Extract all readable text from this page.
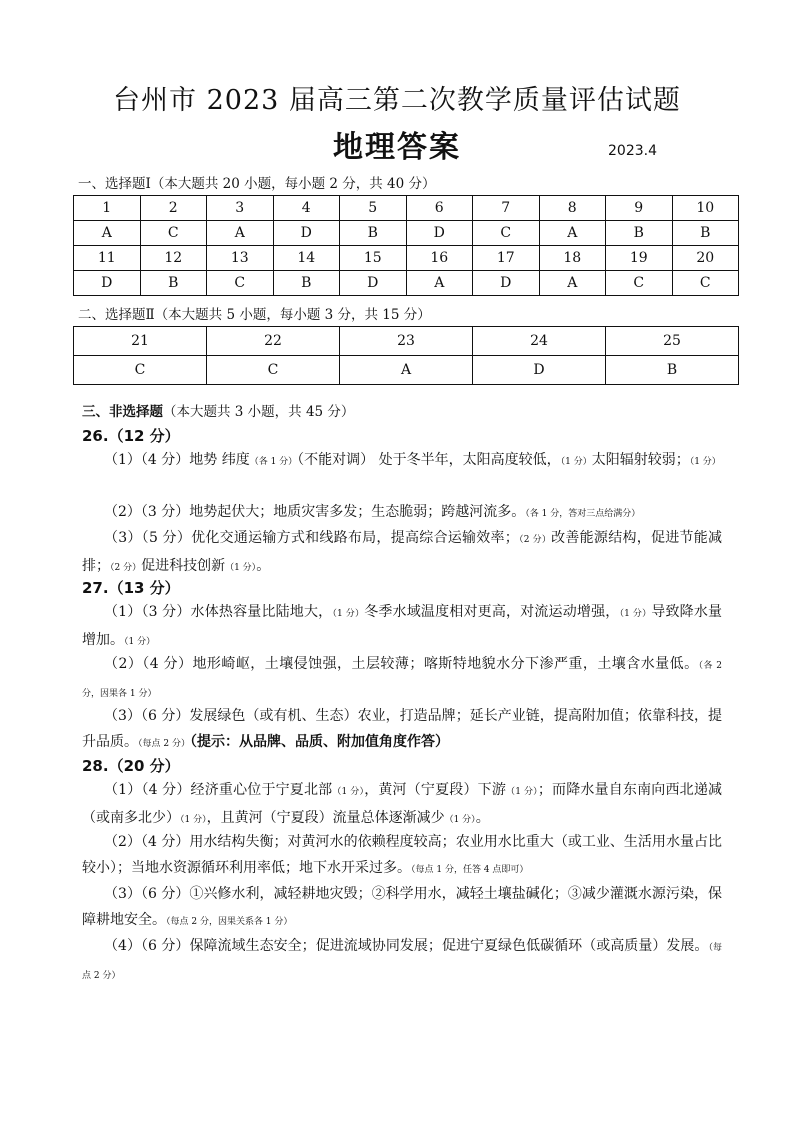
台州市 2023 届高三第二次教学质量评估试题
地理答案	2023.4
一、选择题Ⅰ（本大题共 20 小题，每小题 2 分，共 40 分）
1	2	3	4	5	6	7	8	9	10
A	C	A	D	B	D	C	A	B	B
11	12	13	14	15	16	17	18	19	20
D	B	C	B	D	A	D	A	C	C
二、选择题Ⅱ（本大题共 5 小题，每小题 3 分，共 15 分）
21	22	23	24	25
C	C	A	D	B
三、非选择题（本大题共 3 小题，共 45 分）
26.（12 分）
（1）（4 分）地势 纬度（各 1 分）（不能对调） 处于冬半年，太阳高度较低，（1 分）太阳辐射较弱；（1 分）
（2）（3 分）地势起伏大；地质灾害多发；生态脆弱；跨越河流多。（各 1 分，答对三点给满分）
（3）（5 分）优化交通运输方式和线路布局，提高综合运输效率；（2 分）改善能源结构，促进节能减排；（2 分）促进科技创新（1 分）。
27.（13 分）
（1）（3 分）水体热容量比陆地大，（1 分）冬季水域温度相对更高，对流运动增强，（1 分）导致降水量增加。（1 分）
（2）（4 分）地形崎岖，土壤侵蚀强，土层较薄；喀斯特地貌水分下渗严重，土壤含水量低。（各 2 分，因果各 1 分）
（3）（6 分）发展绿色（或有机、生态）农业，打造品牌；延长产业链，提高附加值；依靠科技，提升品质。（每点 2 分）（提示：从品牌、品质、附加值角度作答）
28.（20 分）
（1）（4 分）经济重心位于宁夏北部（1 分），黄河（宁夏段）下游（1 分）；而降水量自东南向西北递减（或南多北少）（1 分），且黄河（宁夏段）流量总体逐渐减少（1 分）。
（2）（4 分）用水结构失衡；对黄河水的依赖程度较高；农业用水比重大（或工业、生活用水量占比较小）；当地水资源循环利用率低；地下水开采过多。（每点 1 分，任答 4 点即可）
（3）（6 分）①兴修水利，减轻耕地灾毁；②科学用水，减轻土壤盐碱化；③减少灌溉水源污染，保障耕地安全。（每点 2 分，因果关系各 1 分）
（4）（6 分）保障流域生态安全；促进流域协同发展；促进宁夏绿色低碳循环（或高质量）发展。（每点 2 分）
